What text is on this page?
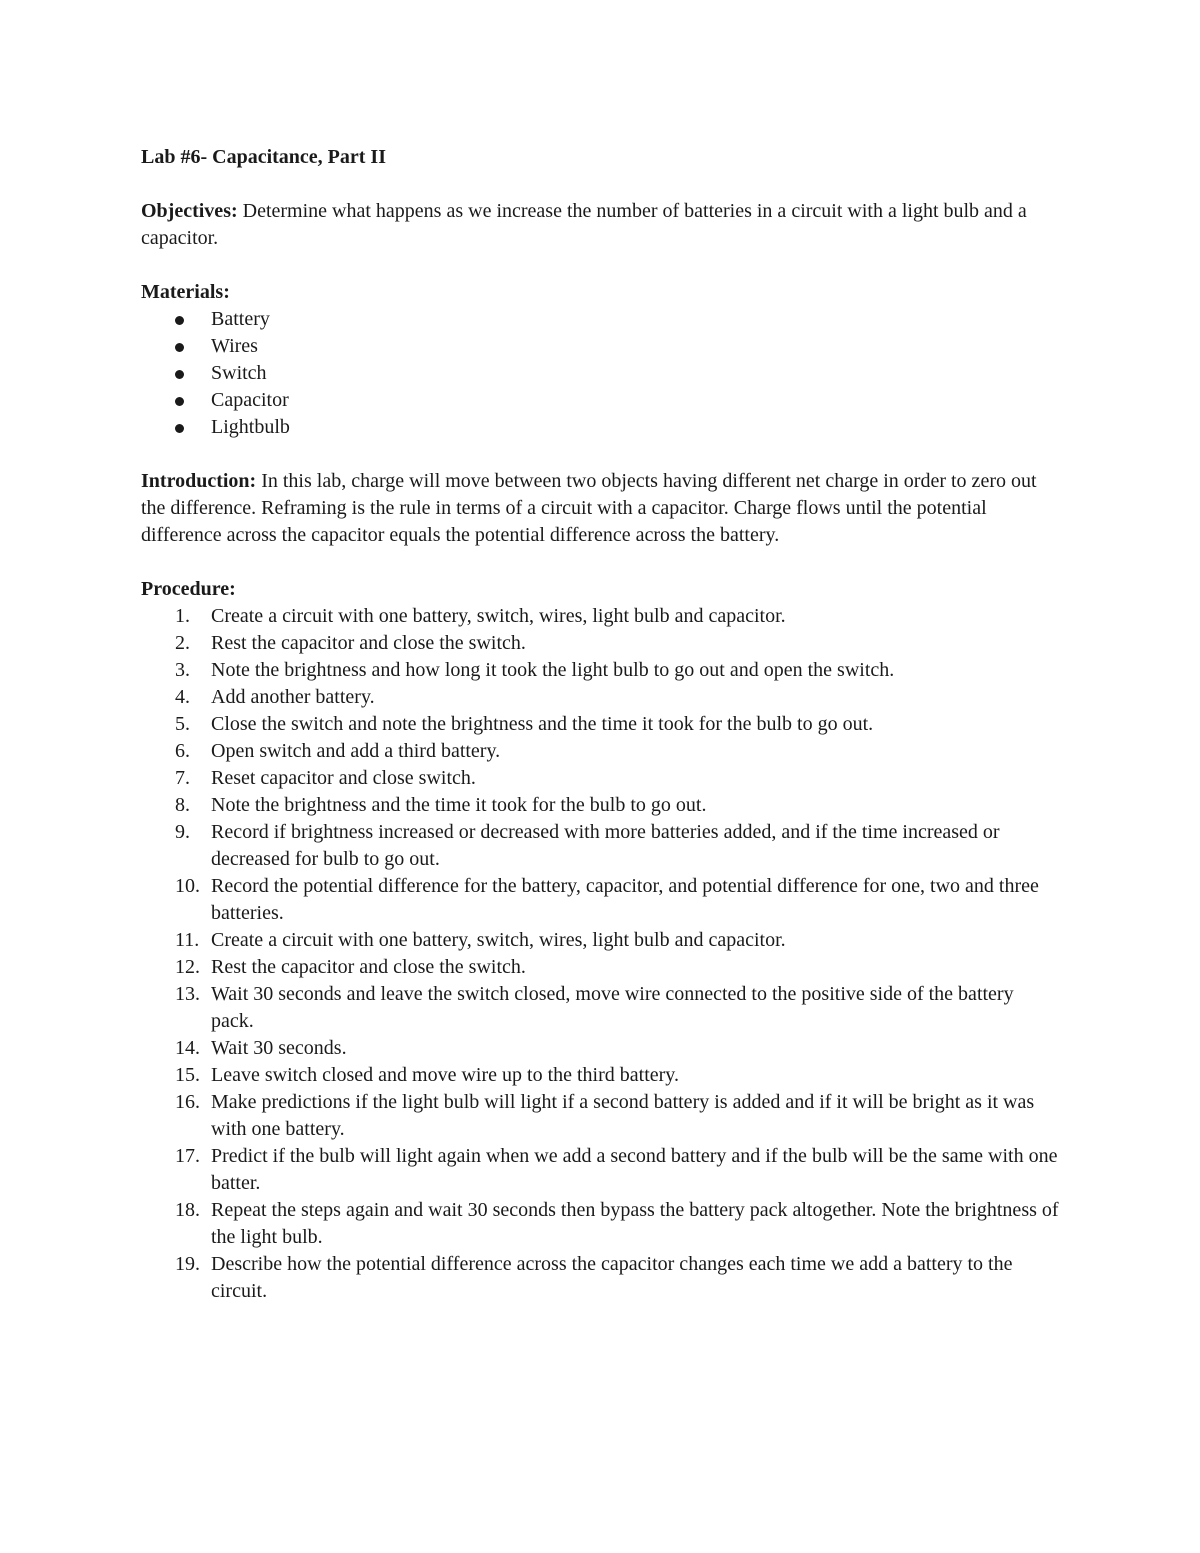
Lab #6- Capacitance, Part II

Objectives: Determine what happens as we increase the number of batteries in a circuit with a light bulb and a capacitor.

Materials:

Battery
Wires
Switch
Capacitor
Lightbulb

Introduction: In this lab, charge will move between two objects having different net charge in order to zero out the difference. Reframing is the rule in terms of a circuit with a capacitor. Charge flows until the potential difference across the capacitor equals the potential difference across the battery.

Procedure:

1. Create a circuit with one battery, switch, wires, light bulb and capacitor.
2. Rest the capacitor and close the switch.
3. Note the brightness and how long it took the light bulb to go out and open the switch.
4. Add another battery.
5. Close the switch and note the brightness and the time it took for the bulb to go out.
6. Open switch and add a third battery.
7. Reset capacitor and close switch.
8. Note the brightness and the time it took for the bulb to go out.
9. Record if brightness increased or decreased with more batteries added, and if the time increased or decreased for bulb to go out.
10. Record the potential difference for the battery, capacitor, and potential difference for one, two and three batteries.
11. Create a circuit with one battery, switch, wires, light bulb and capacitor.
12. Rest the capacitor and close the switch.
13. Wait 30 seconds and leave the switch closed, move wire connected to the positive side of the battery pack.
14. Wait 30 seconds.
15. Leave switch closed and move wire up to the third battery.
16. Make predictions if the light bulb will light if a second battery is added and if it will be bright as it was with one battery.
17. Predict if the bulb will light again when we add a second battery and if the bulb will be the same with one batter.
18. Repeat the steps again and wait 30 seconds then bypass the battery pack altogether. Note the brightness of the light bulb.
19. Describe how the potential difference across the capacitor changes each time we add a battery to the circuit.
